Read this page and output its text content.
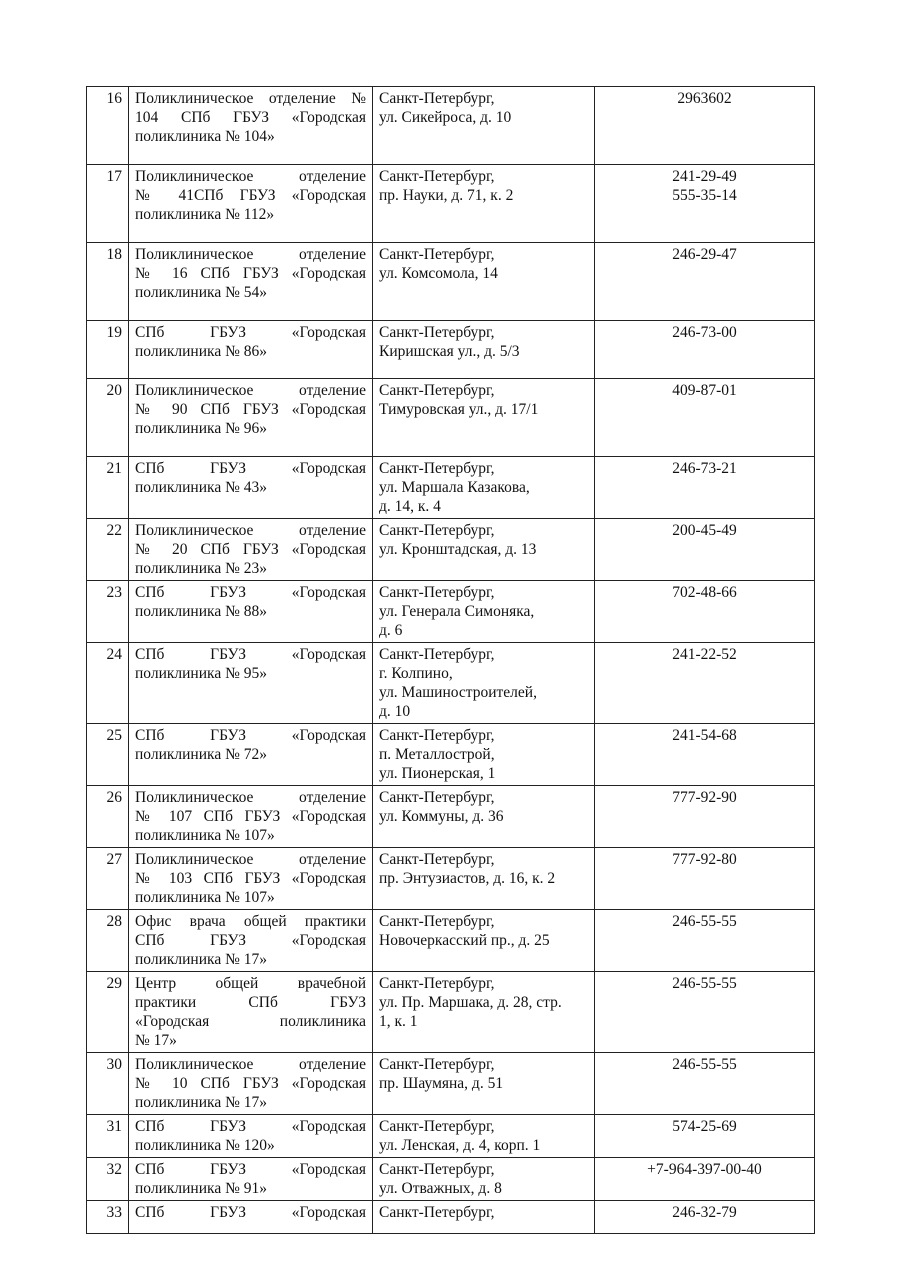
16	Поликлиническое отделение №
104 СПб ГБУЗ «Городская
поликлиника № 104»	Санкт-Петербург,
ул. Сикейроса, д. 10	2963602

17	Поликлиническое отделение
№ 41СПб ГБУЗ «Городская
поликлиника № 112»	Санкт-Петербург,
пр. Науки, д. 71, к. 2	241-29-49
555-35-14

18	Поликлиническое отделение
№ 16 СПб ГБУЗ «Городская
поликлиника № 54»	Санкт-Петербург,
ул. Комсомола, 14	246-29-47

19	СПб ГБУЗ «Городская
поликлиника № 86»	Санкт-Петербург,
Киришская ул., д. 5/3	246-73-00

20	Поликлиническое отделение
№ 90 СПб ГБУЗ «Городская
поликлиника № 96»	Санкт-Петербург,
Тимуровская ул., д. 17/1	409-87-01

21	СПб ГБУЗ «Городская
поликлиника № 43»	Санкт-Петербург,
ул. Маршала Казакова,
д. 14, к. 4	246-73-21

22	Поликлиническое отделение
№ 20 СПб ГБУЗ «Городская
поликлиника № 23»	Санкт-Петербург,
ул. Кронштадская, д. 13	200-45-49

23	СПб ГБУЗ «Городская
поликлиника № 88»	Санкт-Петербург,
ул. Генерала Симоняка,
д. 6	702-48-66

24	СПб ГБУЗ «Городская
поликлиника № 95»	Санкт-Петербург,
г. Колпино,
ул. Машиностроителей,
д. 10	241-22-52

25	СПб ГБУЗ «Городская
поликлиника № 72»	Санкт-Петербург,
п. Металлострой,
ул. Пионерская, 1	241-54-68

26	Поликлиническое отделение
№ 107 СПб ГБУЗ «Городская
поликлиника № 107»	Санкт-Петербург,
ул. Коммуны, д. 36	777-92-90

27	Поликлиническое отделение
№ 103 СПб ГБУЗ «Городская
поликлиника № 107»	Санкт-Петербург,
пр. Энтузиастов, д. 16, к. 2	777-92-80

28	Офис врача общей практики
СПб ГБУЗ «Городская
поликлиника № 17»	Санкт-Петербург,
Новочеркасский пр., д. 25	246-55-55

29	Центр общей врачебной
практики СПб ГБУЗ
«Городская поликлиника
№ 17»	Санкт-Петербург,
ул. Пр. Маршака, д. 28, стр.
1, к. 1	246-55-55

30	Поликлиническое отделение
№ 10 СПб ГБУЗ «Городская
поликлиника № 17»	Санкт-Петербург,
пр. Шаумяна, д. 51	246-55-55

31	СПб ГБУЗ «Городская
поликлиника № 120»	Санкт-Петербург,
ул. Ленская, д. 4, корп. 1	574-25-69

32	СПб ГБУЗ «Городская
поликлиника № 91»	Санкт-Петербург,
ул. Отважных, д. 8	+7-964-397-00-40

33	СПб ГБУЗ «Городская	Санкт-Петербург,	246-32-79
